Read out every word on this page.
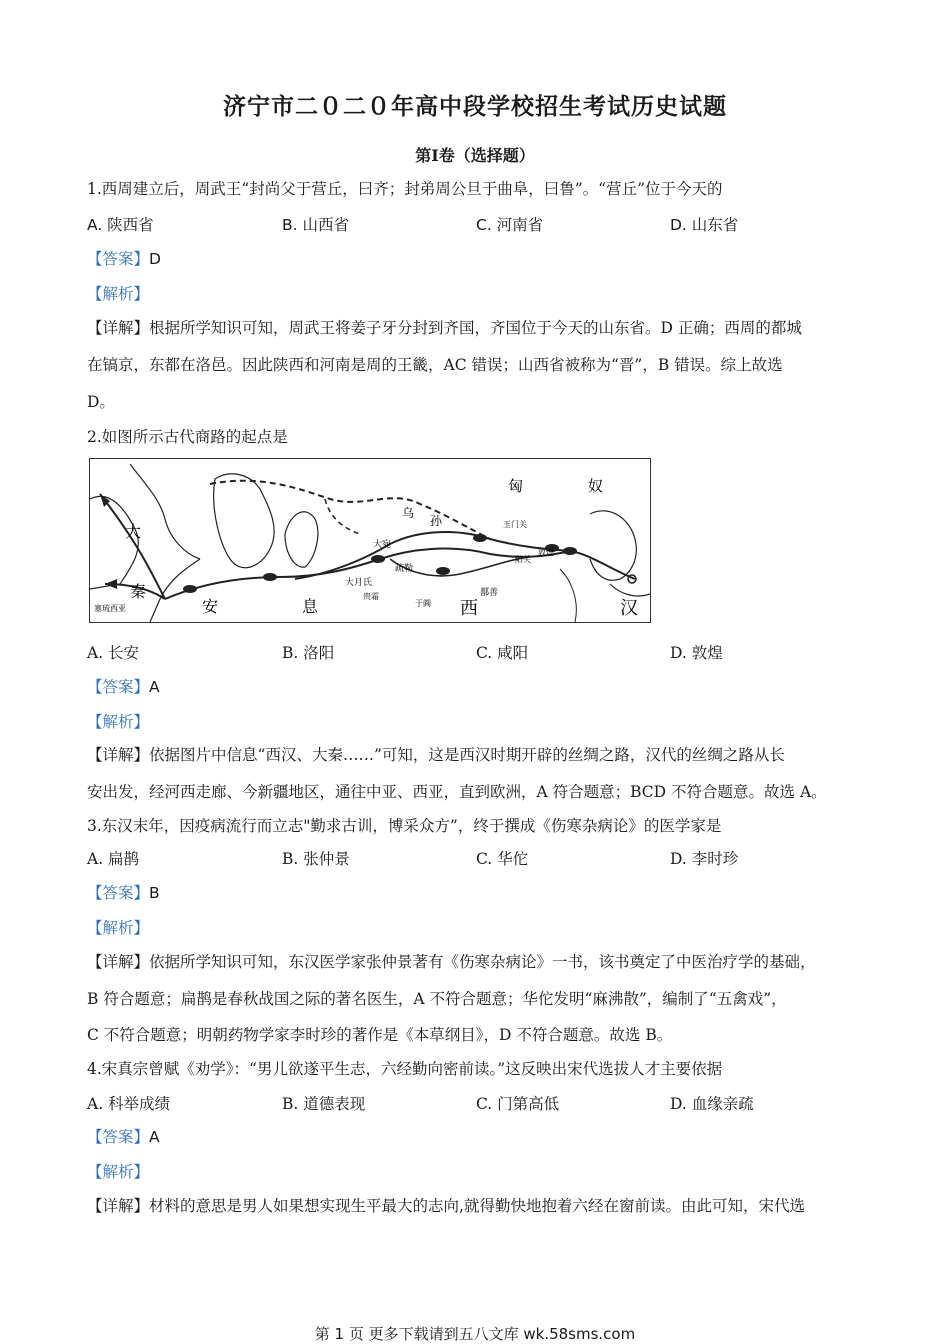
济宁市二０二０年高中段学校招生考试历史试题
第Ⅰ卷（选择题）
1.西周建立后，周武王“封尚父于营丘，曰齐；封弟周公旦于曲阜，曰鲁”。“营丘”位于今天的
A. 陕西省	B. 山西省	C. 河南省	D. 山东省
【答案】D
【解析】
【详解】根据所学知识可知，周武王将姜子牙分封到齐国，齐国位于今天的山东省。D 正确；西周的都城
在镐京，东都在洛邑。因此陕西和河南是周的王畿，AC 错误；山西省被称为“晋”，B 错误。综上故选
D。
2.如图所示古代商路的起点是
匈	奴
大
秦
安	息	西	汉
乌
孙
大宛
疏勒
大月氏
玉门关
阳关
敦煌
鄯善
于阗
贵霜
塞琉西亚
A. 长安	B. 洛阳	C. 咸阳	D. 敦煌
【答案】A
【解析】
【详解】依据图片中信息“西汉、大秦……”可知，这是西汉时期开辟的丝绸之路，汉代的丝绸之路从长
安出发，经河西走廊、今新疆地区，通往中亚、西亚，直到欧洲，A 符合题意；BCD 不符合题意。故选 A。
3.东汉末年，因疫病流行而立志"勤求古训，博采众方”，终于撰成《伤寒杂病论》的医学家是
A. 扁鹊	B. 张仲景	C. 华佗	D. 李时珍
【答案】B
【解析】
【详解】依据所学知识可知，东汉医学家张仲景著有《伤寒杂病论》一书，该书奠定了中医治疗学的基础，
B 符合题意；扁鹊是春秋战国之际的著名医生，A 不符合题意；华佗发明“麻沸散”，编制了“五禽戏”，
C 不符合题意；明朝药物学家李时珍的著作是《本草纲目》，D 不符合题意。故选 B。
4.宋真宗曾赋《劝学》：“男儿欲遂平生志，六经勤向密前读。”这反映出宋代选拔人才主要依据
A. 科举成绩	B. 道德表现	C. 门第高低	D. 血缘亲疏
【答案】A
【解析】
【详解】材料的意思是男人如果想实现生平最大的志向,就得勤快地抱着六经在窗前读。由此可知，宋代选
第 1 页 更多下载请到五八文库 wk.58sms.com
